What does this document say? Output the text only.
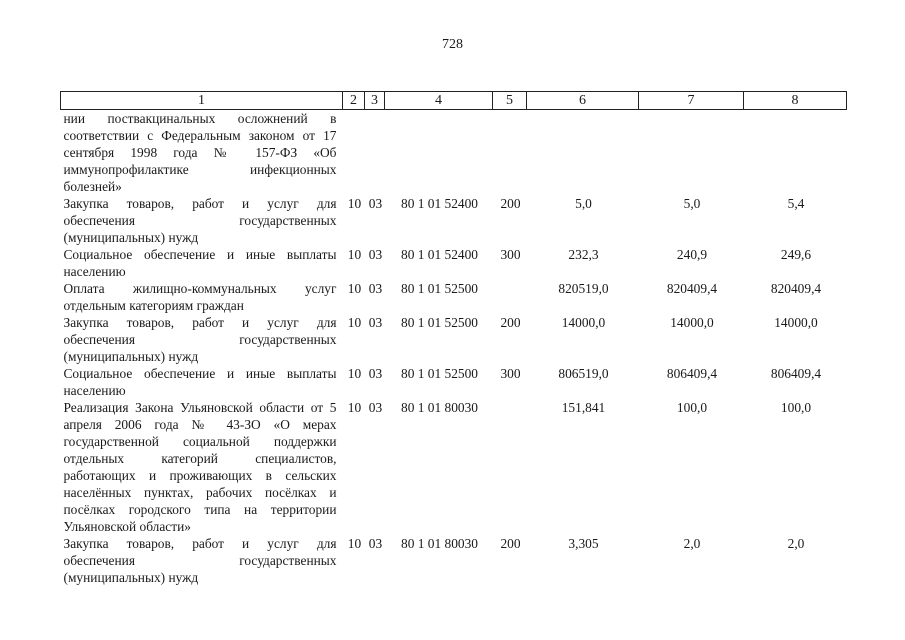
728
1	2	3	4	5	6	7	8
нии поствакцинальных осложнений в соответствии с Федеральным законом от 17 сентября 1998 года № 157-ФЗ «Об иммунопрофилактике инфекционных болезней»							
Закупка товаров, работ и услуг для обеспечения государственных (муниципальных) нужд	10	03	80 1 01 52400	200	5,0	5,0	5,4
Социальное обеспечение и иные выплаты населению	10	03	80 1 01 52400	300	232,3	240,9	249,6
Оплата жилищно-коммунальных услуг отдельным категориям граждан	10	03	80 1 01 52500		820519,0	820409,4	820409,4
Закупка товаров, работ и услуг для обеспечения государственных (муниципальных) нужд	10	03	80 1 01 52500	200	14000,0	14000,0	14000,0
Социальное обеспечение и иные выплаты населению	10	03	80 1 01 52500	300	806519,0	806409,4	806409,4
Реализация Закона Ульяновской области от 5 апреля 2006 года № 43-ЗО «О мерах государственной социальной поддержки отдельных категорий специалистов, работающих и проживающих в сельских населённых пунктах, рабочих посёлках и посёлках городского типа на территории Ульяновской области»	10	03	80 1 01 80030		151,841	100,0	100,0
Закупка товаров, работ и услуг для обеспечения государственных (муниципальных) нужд	10	03	80 1 01 80030	200	3,305	2,0	2,0
